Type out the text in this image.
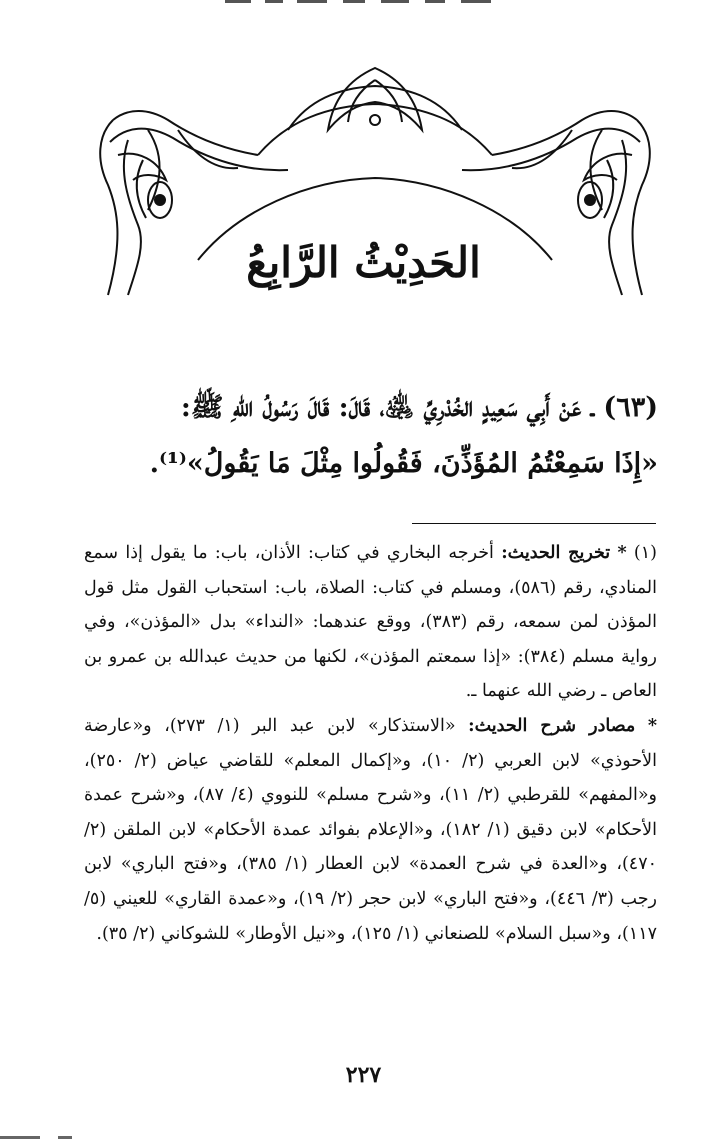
الحَدِيْثُ الرَّابِعُ
(٦٣) ـ عَنْ أَبِي سَعِيدٍ الخُدْرِيِّ ﵁، قَالَ: قَالَ رَسُولُ اللهِ ﷺ:
«إِذَا سَمِعْتُمُ المُؤَذِّنَ، فَقُولُوا مِثْلَ مَا يَقُولُ»⁽¹⁾.

(١) * تخريج الحديث: أخرجه البخاري في كتاب: الأذان، باب: ما يقول إذا سمع المنادي، رقم (٥٨٦)، ومسلم في كتاب: الصلاة، باب: استحباب القول مثل قول المؤذن لمن سمعه، رقم (٣٨٣)، ووقع عندهما: «النداء» بدل «المؤذن»، وفي رواية مسلم (٣٨٤): «إذا سمعتم المؤذن»، لكنها من حديث عبدالله بن عمرو بن العاص ـ رضي الله عنهما ـ.

* مصادر شرح الحديث: «الاستذكار» لابن عبد البر (١/ ٢٧٣)، و«عارضة الأحوذي» لابن العربي (٢/ ١٠)، و«إكمال المعلم» للقاضي عياض (٢/ ٢٥٠)، و«المفهم» للقرطبي (٢/ ١١)، و«شرح مسلم» للنووي (٤/ ٨٧)، و«شرح عمدة الأحكام» لابن دقيق (١/ ١٨٢)، و«الإعلام بفوائد عمدة الأحكام» لابن الملقن (٢/ ٤٧٠)، و«العدة في شرح العمدة» لابن العطار (١/ ٣٨٥)، و«فتح الباري» لابن رجب (٣/ ٤٤٦)، و«فتح الباري» لابن حجر (٢/ ١٩)، و«عمدة القاري» للعيني (٥/ ١١٧)، و«سبل السلام» للصنعاني (١/ ١٢٥)، و«نيل الأوطار» للشوكاني (٢/ ٣٥).

٢٢٧
